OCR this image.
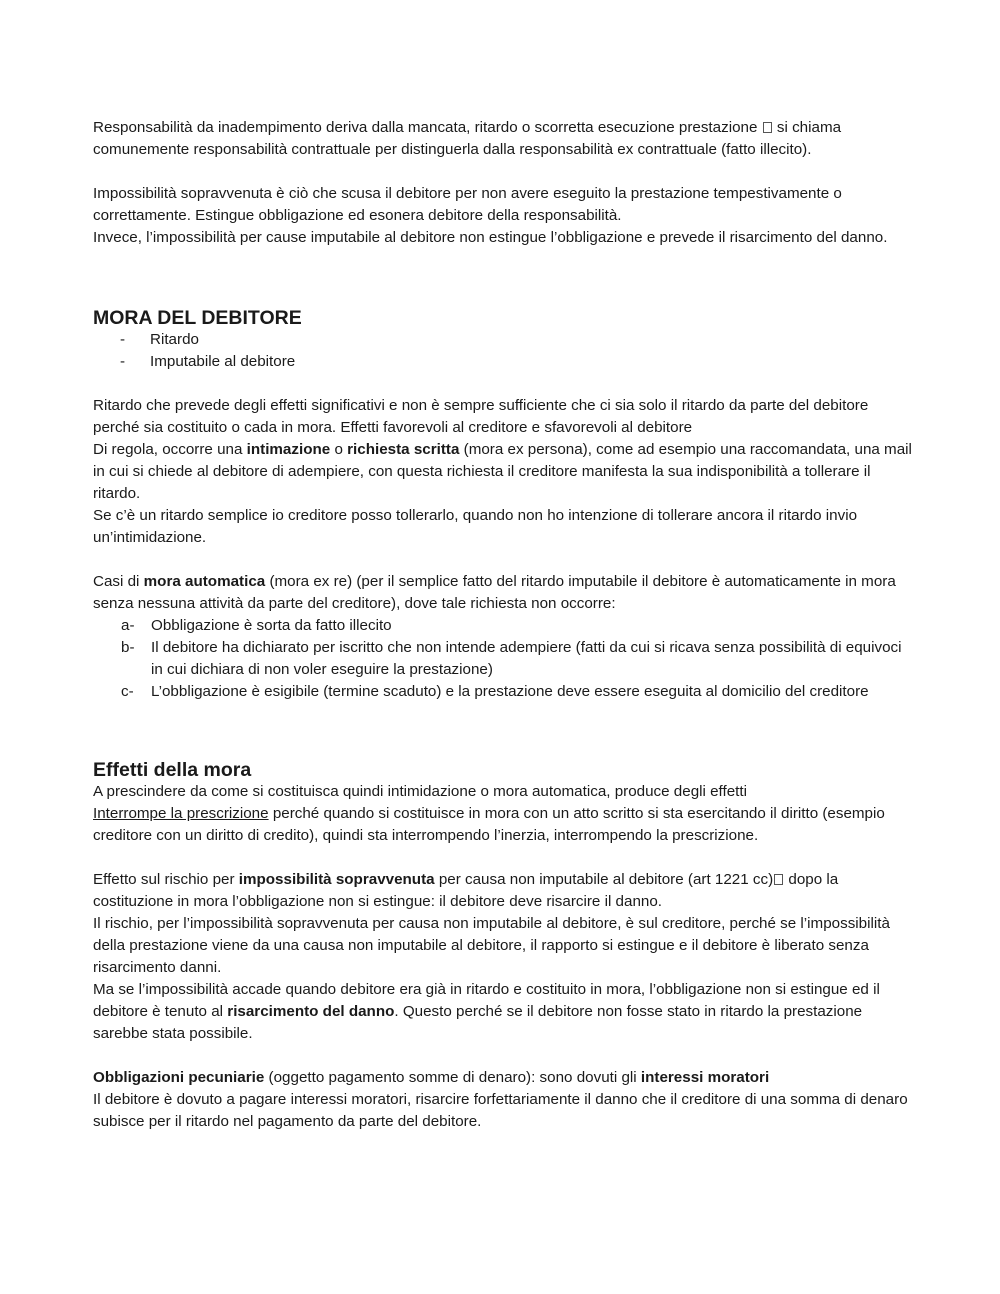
Responsabilità da inadempimento deriva dalla mancata, ritardo o scorretta esecuzione prestazione si chiama comunemente responsabilità contrattuale per distinguerla dalla responsabilità ex contrattuale (fatto illecito).

Impossibilità sopravvenuta è ciò che scusa il debitore per non avere eseguito la prestazione tempestivamente o correttamente. Estingue obbligazione ed esonera debitore della responsabilità.

Invece, l’impossibilità per cause imputabile al debitore non estingue l’obbligazione e prevede il risarcimento del danno.

MORA DEL DEBITORE
- Ritardo
- Imputabile al debitore

Ritardo che prevede degli effetti significativi e non è sempre sufficiente che ci sia solo il ritardo da parte del debitore perché sia costituito o cada in mora. Effetti favorevoli al creditore e sfavorevoli al debitore

Di regola, occorre una intimazione o richiesta scritta (mora ex persona), come ad esempio una raccomandata, una mail in cui si chiede al debitore di adempiere, con questa richiesta il creditore manifesta la sua indisponibilità a tollerare il ritardo.

Se c’è un ritardo semplice io creditore posso tollerarlo, quando non ho intenzione di tollerare ancora il ritardo invio un’intimidazione.

Casi di mora automatica (mora ex re) (per il semplice fatto del ritardo imputabile il debitore è automaticamente in mora senza nessuna attività da parte del creditore), dove tale richiesta non occorre:

a- Obbligazione è sorta da fatto illecito
b- Il debitore ha dichiarato per iscritto che non intende adempiere (fatti da cui si ricava senza possibilità di equivoci in cui dichiara di non voler eseguire la prestazione)
c- L’obbligazione è esigibile (termine scaduto) e la prestazione deve essere eseguita al domicilio del creditore
Effetti della mora

A prescindere da come si costituisca quindi intimidazione o mora automatica, produce degli effetti

Interrompe la prescrizione perché quando si costituisce in mora con un atto scritto si sta esercitando il diritto (esempio creditore con un diritto di credito), quindi sta interrompendo l’inerzia, interrompendo la prescrizione.

Effetto sul rischio per impossibilità sopravvenuta per causa non imputabile al debitore (art 1221 cc) dopo la costituzione in mora l’obbligazione non si estingue: il debitore deve risarcire il danno.

Il rischio, per l’impossibilità sopravvenuta per causa non imputabile al debitore, è sul creditore, perché se l’impossibilità della prestazione viene da una causa non imputabile al debitore, il rapporto si estingue e il debitore è liberato senza risarcimento danni.

Ma se l’impossibilità accade quando debitore era già in ritardo e costituito in mora, l’obbligazione non si estingue ed il debitore è tenuto al risarcimento del danno. Questo perché se il debitore non fosse stato in ritardo la prestazione sarebbe stata possibile.

Obbligazioni pecuniarie (oggetto pagamento somme di denaro): sono dovuti gli interessi moratori

Il debitore è dovuto a pagare interessi moratori, risarcire forfettariamente il danno che il creditore di una somma di denaro subisce per il ritardo nel pagamento da parte del debitore.
